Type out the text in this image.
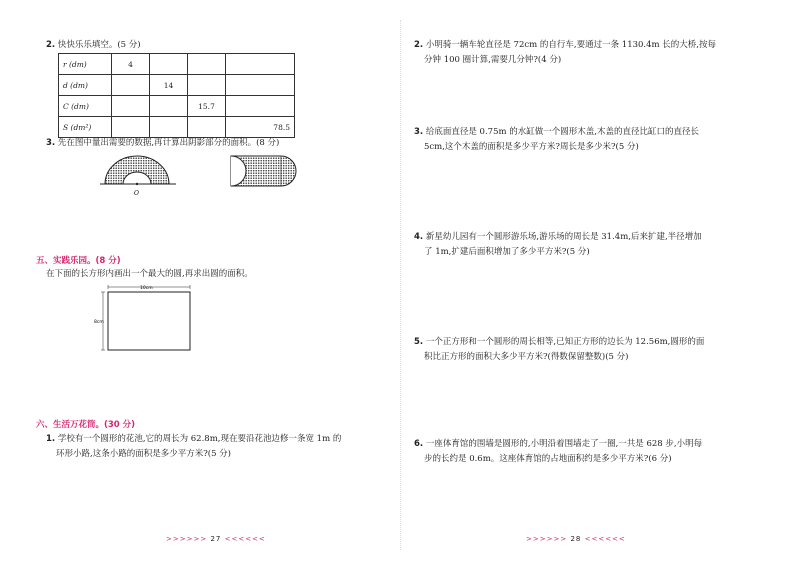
2. 快快乐乐填空。(5 分)
r (dm)	4			
d (dm)		14		
C (dm)			15.7	
S (dm²)				78.5
3. 先在图中量出需要的数据,再计算出阴影部分的面积。(8 分)
O
五、实践乐园。(8 分)
在下面的长方形内画出一个最大的圆,再求出圆的面积。
10cm
8cm
六、生活万花筒。(30 分)
1. 学校有一个圆形的花池,它的周长为 62.8m,现在要沿花池边修一条宽 1m 的
环形小路,这条小路的面积是多少平方米?(5 分)
>>>>>> 27 <<<<<<
2. 小明骑一辆车轮直径是 72cm 的自行车,要通过一条 1130.4m 长的大桥,按每
分钟 100 圈计算,需要几分钟?(4 分)
3. 给底面直径是 0.75m 的水缸做一个圆形木盖,木盖的直径比缸口的直径长
5cm,这个木盖的面积是多少平方米?周长是多少米?(5 分)
4. 新星幼儿园有一个圆形游乐场,游乐场的周长是 31.4m,后来扩建,半径增加
了 1m,扩建后面积增加了多少平方米?(5 分)
5. 一个正方形和一个圆形的周长相等,已知正方形的边长为 12.56m,圆形的面
积比正方形的面积大多少平方米?(得数保留整数)(5 分)
6. 一座体育馆的围墙是圆形的,小明沿着围墙走了一圈,一共是 628 步,小明每
步的长约是 0.6m。这座体育馆的占地面积约是多少平方米?(6 分)
>>>>>> 28 <<<<<<
